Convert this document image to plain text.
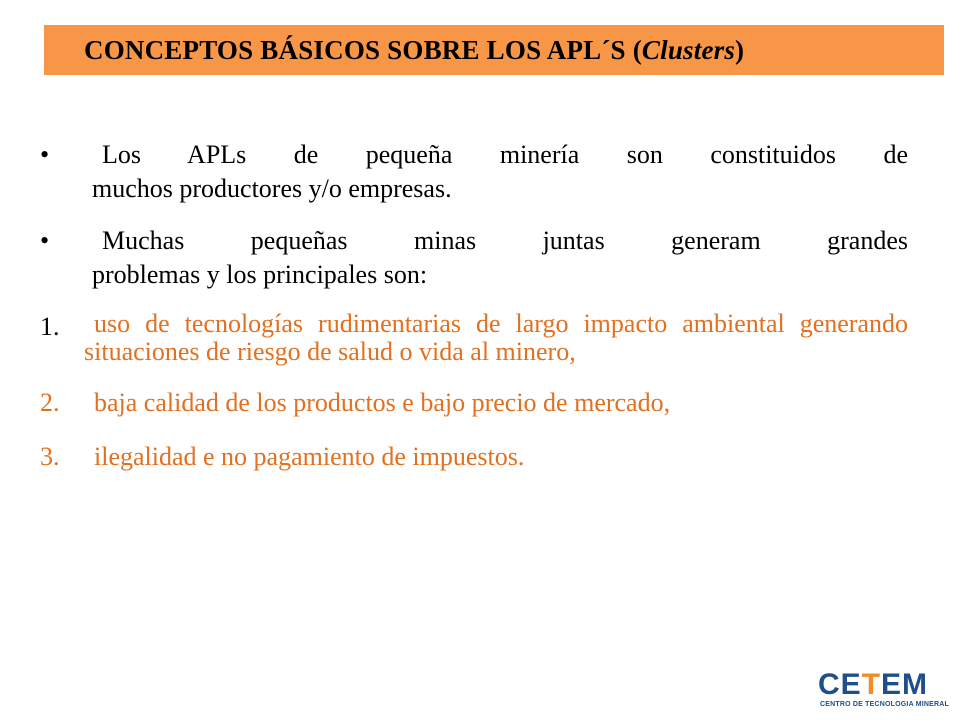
CONCEPTOS BÁSICOS SOBRE LOS APL´S (Clusters)
•	Los APLs de pequeña minería son constituidos de
muchos productores y/o empresas.
•	Muchas pequeñas minas juntas generam grandes
problemas y los principales son:
1.	uso de tecnologías rudimentarias de largo impacto ambiental generando situaciones de riesgo de salud o vida al minero,
2.	baja calidad de los productos e bajo precio de mercado,
3.	ilegalidad e no pagamiento de impuestos.
CETEM
CENTRO DE TECNOLOGIA MINERAL
